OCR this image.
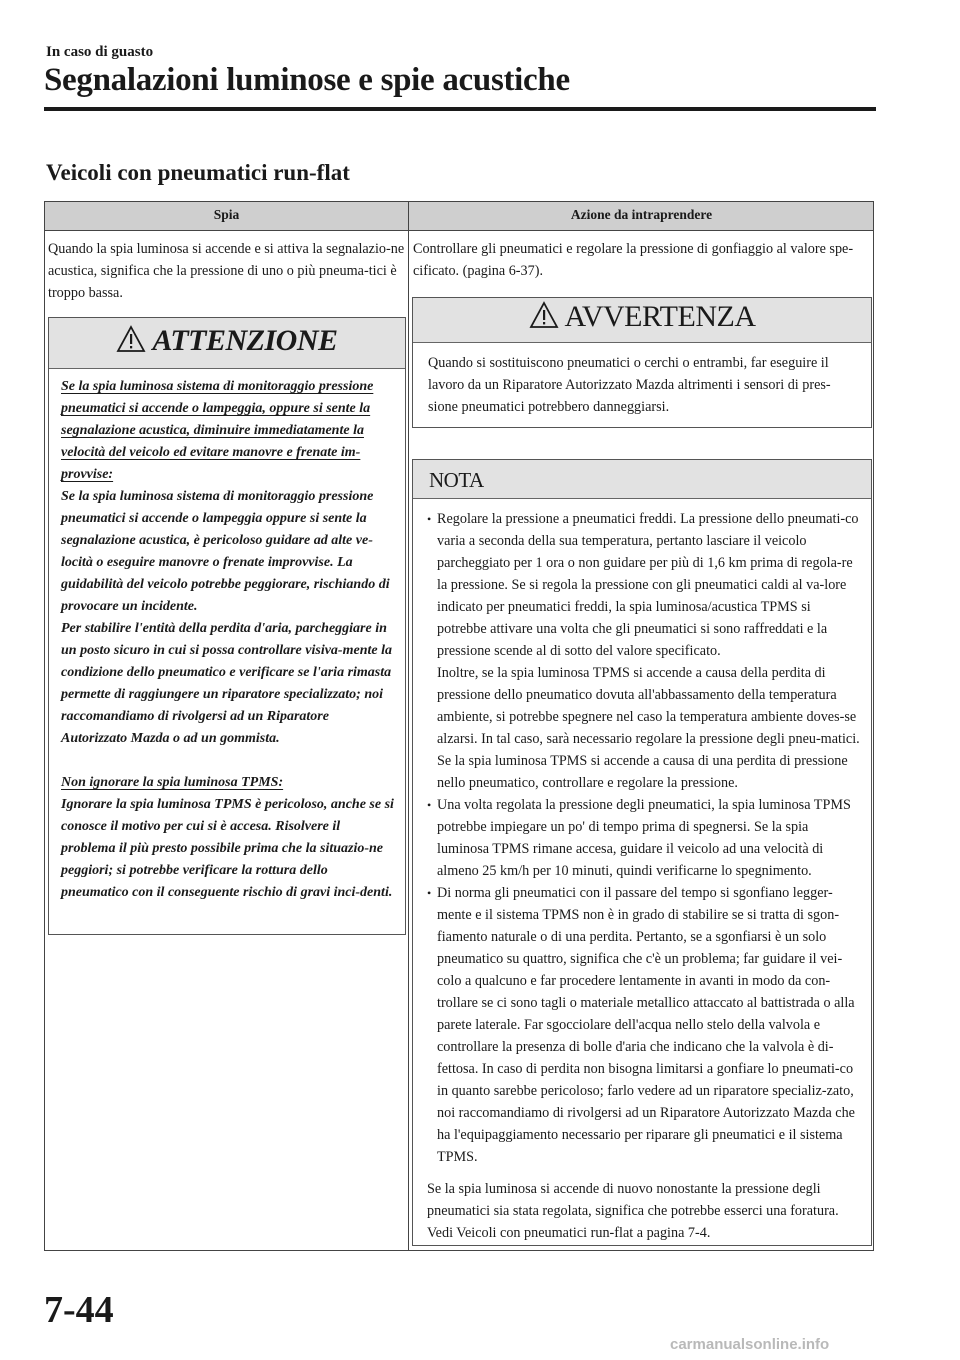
In caso di guasto
Segnalazioni luminose e spie acustiche
Veicoli con pneumatici run-flat
Spia	Azione da intraprendere

Quando la spia luminosa si accende e si attiva la segnalazio-ne acustica, significa che la pressione di uno o più pneuma-tici è troppo bassa.

Controllare gli pneumatici e regolare la pressione di gonfiaggio al valore spe-cificato. (pagina 6-37).

ATTENZIONE

Se la spia luminosa sistema di monitoraggio pressione pneumatici si accende o lampeggia, oppure si sente la segnalazione acustica, diminuire immediatamente la velocità del veicolo ed evitare manovre e frenate im-provvise:

Se la spia luminosa sistema di monitoraggio pressione pneumatici si accende o lampeggia oppure si sente la segnalazione acustica, è pericoloso guidare ad alte ve-locità o eseguire manovre o frenate improvvise. La guidabilità del veicolo potrebbe peggiorare, rischiando di provocare un incidente.

Per stabilire l'entità della perdita d'aria, parcheggiare in un posto sicuro in cui si possa controllare visiva-mente la condizione dello pneumatico e verificare se l'aria rimasta permette di raggiungere un riparatore specializzato; noi raccomandiamo di rivolgersi ad un Riparatore Autorizzato Mazda o ad un gommista.

Non ignorare la spia luminosa TPMS:

Ignorare la spia luminosa TPMS è pericoloso, anche se si conosce il motivo per cui si è accesa. Risolvere il problema il più presto possibile prima che la situazio-ne peggiori; si potrebbe verificare la rottura dello pneumatico con il conseguente rischio di gravi inci-denti.

AVVERTENZA

Quando si sostituiscono pneumatici o cerchi o entrambi, far eseguire il lavoro da un Riparatore Autorizzato Mazda altrimenti i sensori di pres-sione pneumatici potrebbero danneggiarsi.

NOTA
• Regolare la pressione a pneumatici freddi. La pressione dello pneumati-co varia a seconda della sua temperatura, pertanto lasciare il veicolo parcheggiato per 1 ora o non guidare per più di 1,6 km prima di regola-re la pressione. Se si regola la pressione con gli pneumatici caldi al va-lore indicato per pneumatici freddi, la spia luminosa/acustica TPMS si potrebbe attivare una volta che gli pneumatici si sono raffreddati e la pressione scende al di sotto del valore specificato.

Inoltre, se la spia luminosa TPMS si accende a causa della perdita di pressione dello pneumatico dovuta all'abbassamento della temperatura ambiente, si potrebbe spegnere nel caso la temperatura ambiente doves-se alzarsi. In tal caso, sarà necessario regolare la pressione degli pneu-matici. Se la spia luminosa TPMS si accende a causa di una perdita di pressione nello pneumatico, controllare e regolare la pressione.

• Una volta regolata la pressione degli pneumatici, la spia luminosa TPMS potrebbe impiegare un po' di tempo prima di spegnersi. Se la spia luminosa TPMS rimane accesa, guidare il veicolo ad una velocità di almeno 25 km/h per 10 minuti, quindi verificarne lo spegnimento.

• Di norma gli pneumatici con il passare del tempo si sgonfiano legger-mente e il sistema TPMS non è in grado di stabilire se si tratta di sgon-fiamento naturale o di una perdita. Pertanto, se a sgonfiarsi è un solo pneumatico su quattro, significa che c'è un problema; far guidare il vei-colo a qualcuno e far procedere lentamente in avanti in modo da con-trollare se ci sono tagli o materiale metallico attaccato al battistrada o alla parete laterale. Far sgocciolare dell'acqua nello stelo della valvola e controllare la presenza di bolle d'aria che indicano che la valvola è di-fettosa. In caso di perdita non bisogna limitarsi a gonfiare lo pneumati-co in quanto sarebbe pericoloso; farlo vedere ad un riparatore specializ-zato, noi raccomandiamo di rivolgersi ad un Riparatore Autorizzato Mazda che ha l'equipaggiamento necessario per riparare gli pneumatici e il sistema TPMS.

Se la spia luminosa si accende di nuovo nonostante la pressione degli pneumatici sia stata regolata, significa che potrebbe esserci una foratura. Vedi Veicoli con pneumatici run-flat a pagina 7-4.

7-44
carmanualsonline.info
